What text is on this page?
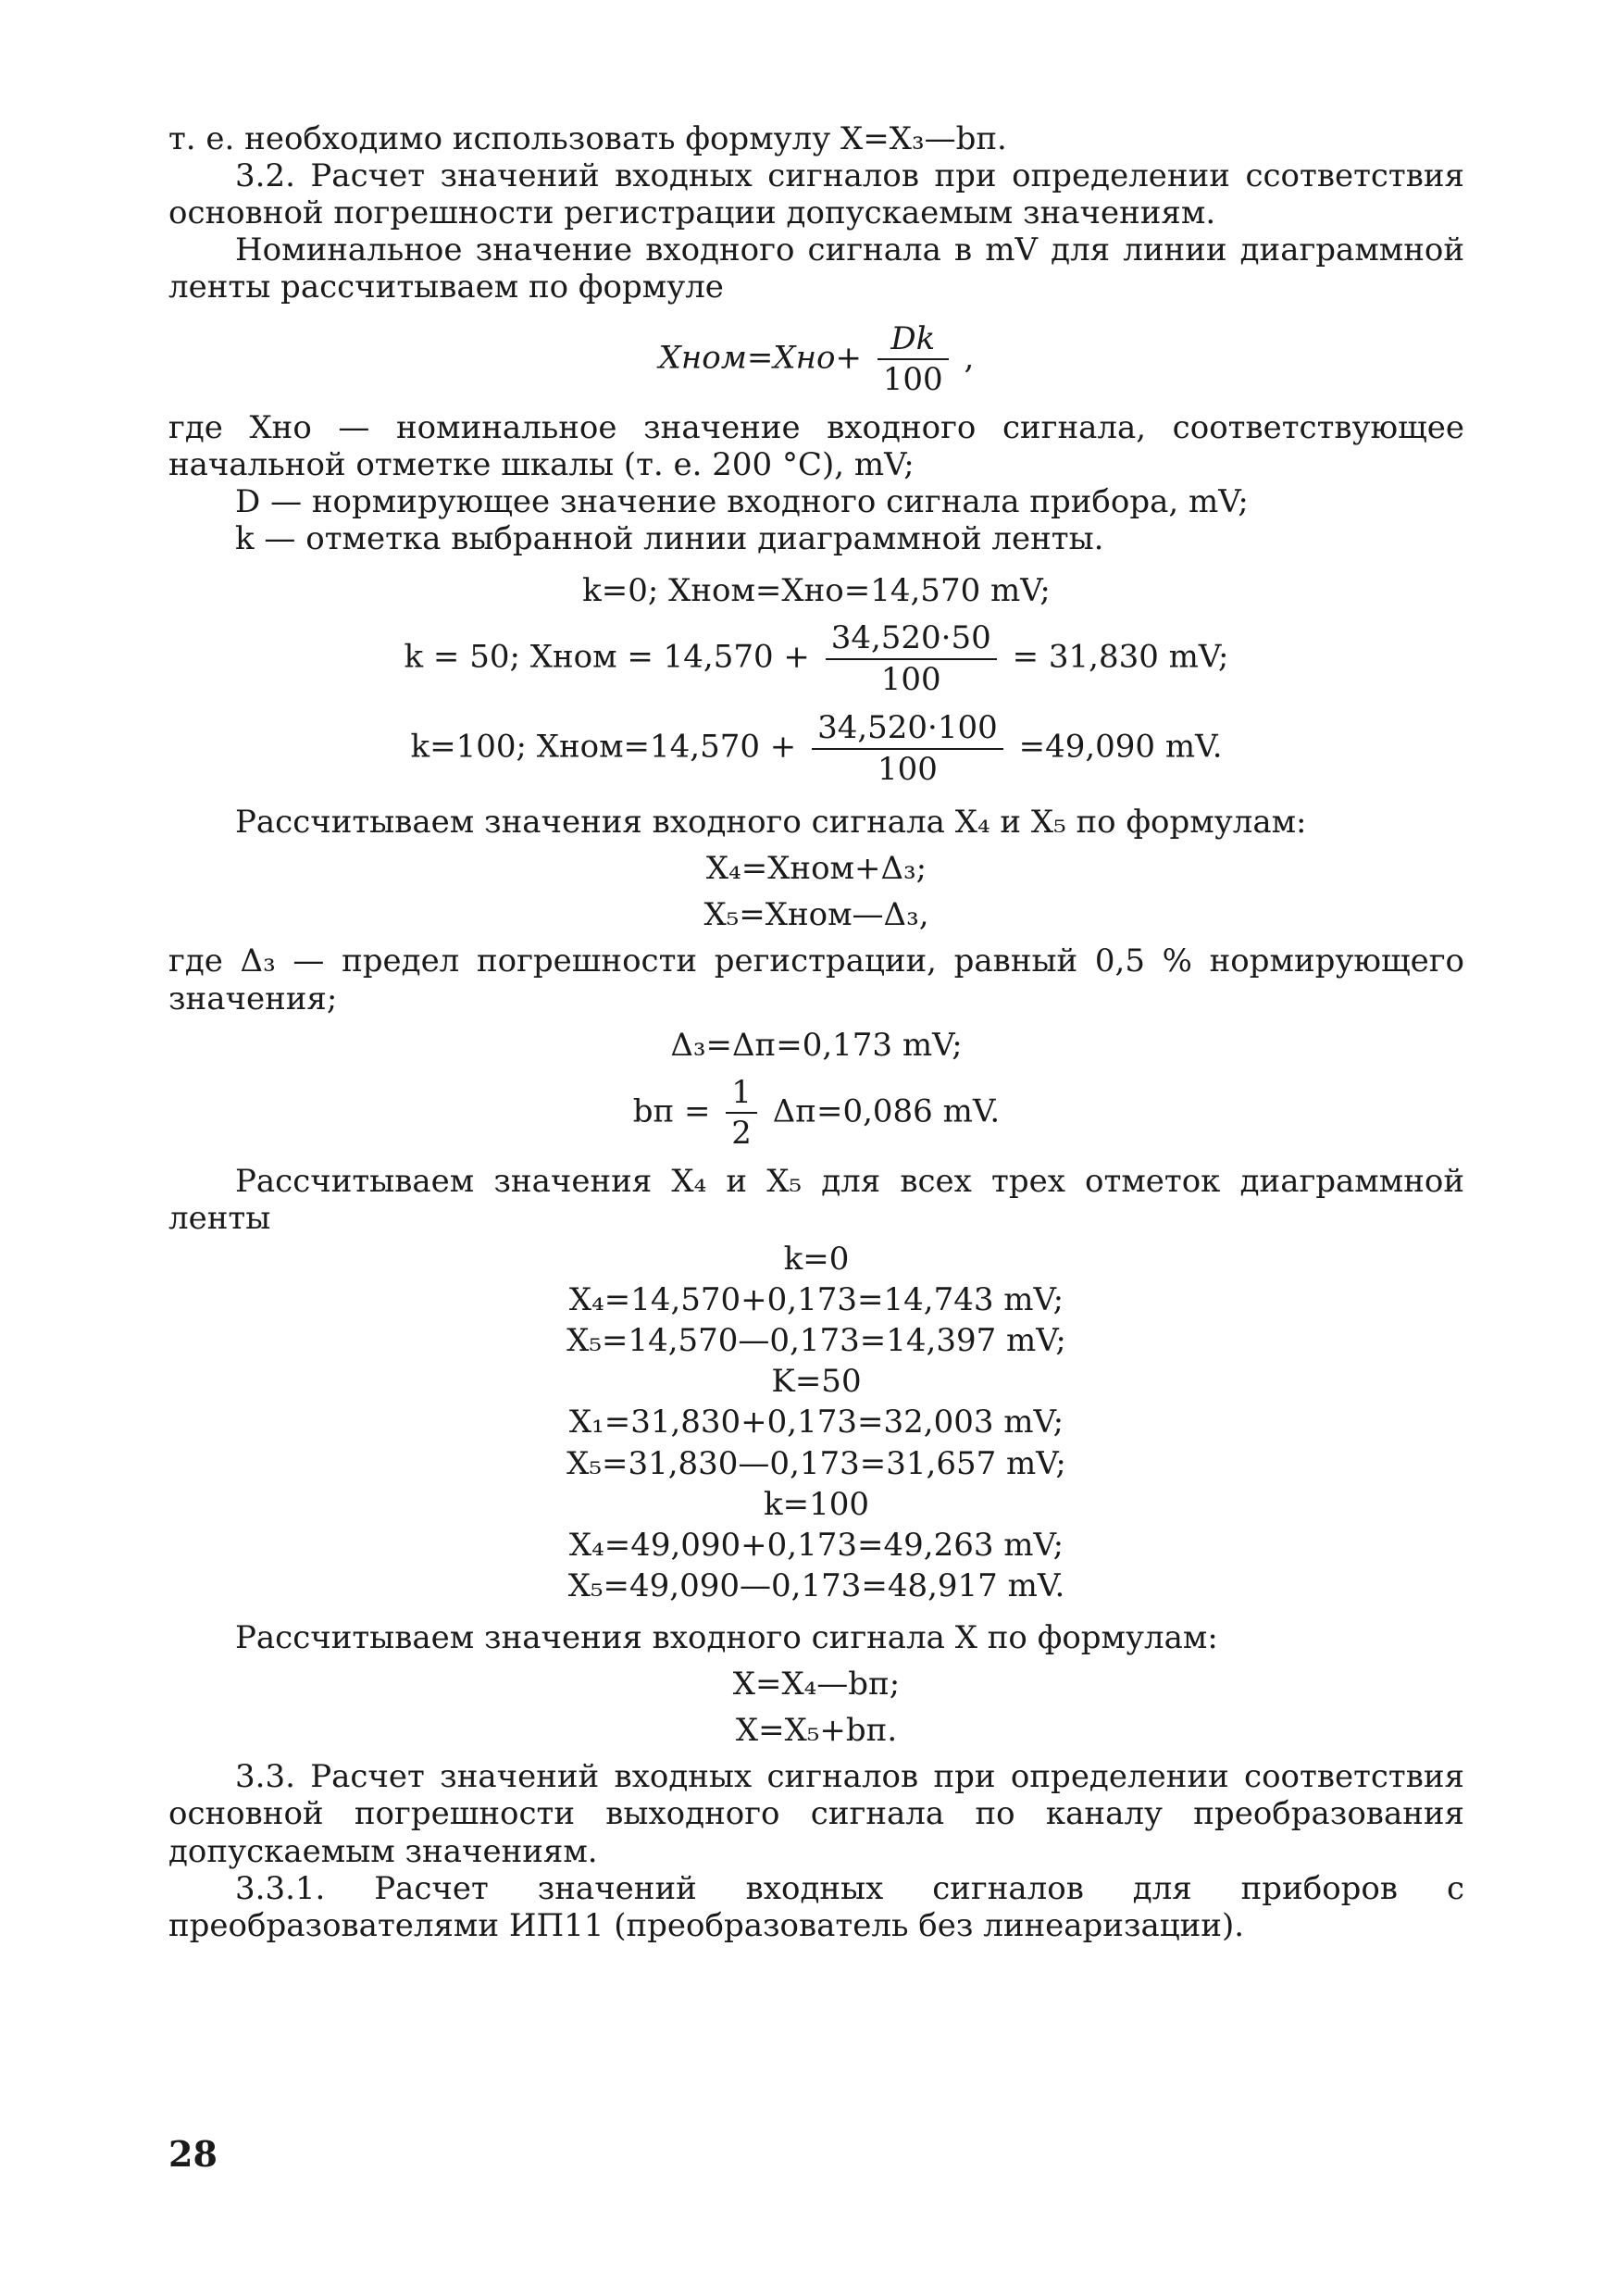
т. е. необходимо использовать формулу X=X₃—bп.

3.2. Расчет значений входных сигналов при определении ссответствия основной погрешности регистрации допускаемым значениям.

Номинальное значение входного сигнала в mV для линии диаграммной ленты рассчитываем по формуле

Xном=Xно+ $\frac{Dk}{100}$ ,

где Xно — номинальное значение входного сигнала, соответствующее начальной отметке шкалы (т. е. 200 °C), mV;

D — нормирующее значение входного сигнала прибора, mV;

k — отметка выбранной линии диаграммной ленты.

k=0; Xном=Xно=14,570 mV;
k = 50; Xном = $14,570 + \frac{34,520\cdot 50}{100} = 31,830$ mV;
k=100; Xном=14,570 + $\frac{34,520\cdot 100}{100} =49,090$ mV.

Рассчитываем значения входного сигнала X₄ и X₅ по формулам:

X₄=Xном+Δ₃;
X₅=Xном—Δ₃,

где Δ₃ — предел погрешности регистрации, равный 0,5 % нормирующего значения;

Δ₃=Δп=0,173 mV;
bп = $\frac{1}{2} \Delta п=0,086$ mV.

Рассчитываем значения X₄ и X₅ для всех трех отметок диаграммной ленты

k=0
X₄=14,570+0,173=14,743 mV;
X₅=14,570—0,173=14,397 mV;
K=50
X₁=31,830+0,173=32,003 mV;
X₅=31,830—0,173=31,657 mV;
k=100
X₄=49,090+0,173=49,263 mV;
X₅=49,090—0,173=48,917 mV.

Рассчитываем значения входного сигнала X по формулам:

X=X₄—bп;
X=X₅+bп.

3.3. Расчет значений входных сигналов при определении соответствия основной погрешности выходного сигнала по каналу преобразования допускаемым значениям.

3.3.1. Расчет значений входных сигналов для приборов с преобразователями ИП11 (преобразователь без линеаризации).

28
